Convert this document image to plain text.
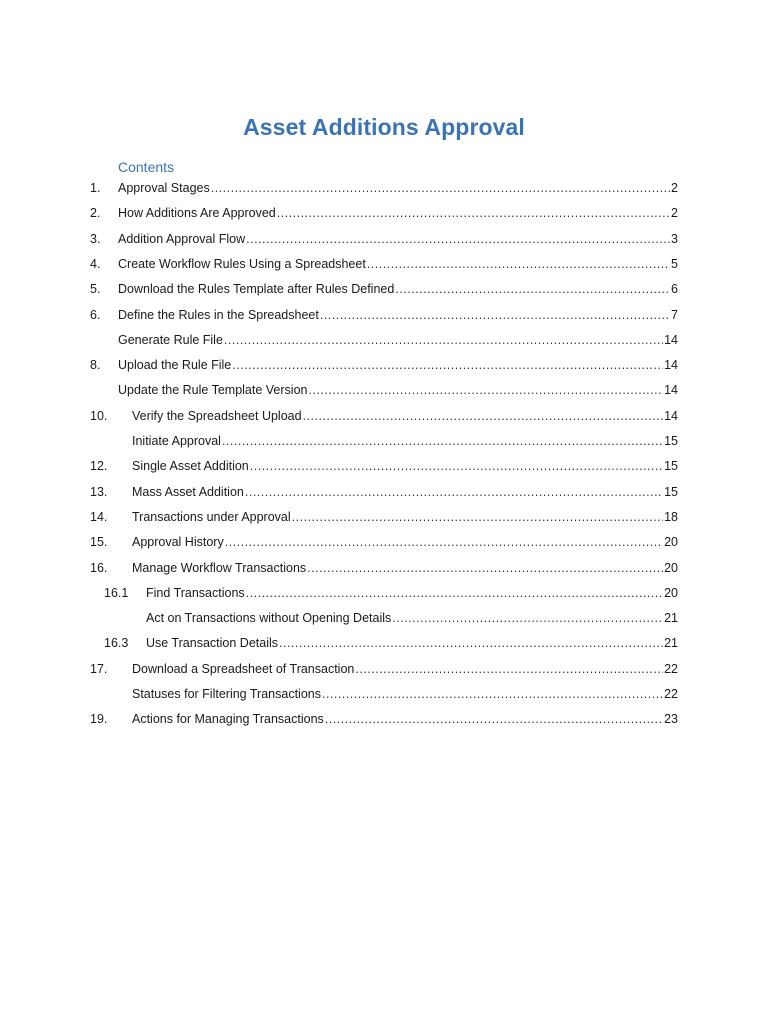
Asset Additions Approval
Contents
1. Approval Stages .....	2
2. How Additions Are Approved .....	2
3. Addition Approval Flow .....	3
4. Create Workflow Rules Using a Spreadsheet .....	5
5. Download the Rules Template after Rules Defined .....	6
6. Define the Rules in the Spreadsheet .....	7
Generate Rule File .....	14
8. Upload the Rule File .....	14
Update the Rule Template Version .....	14
10. Verify the Spreadsheet Upload .....	14
Initiate Approval .....	15
12. Single Asset Addition .....	15
13. Mass Asset Addition .....	15
14. Transactions under Approval .....	18
15. Approval History .....	20
16. Manage Workflow Transactions .....	20
16.1 Find Transactions .....	20
Act on Transactions without Opening Details .....	21
16.3 Use Transaction Details .....	21
17. Download a Spreadsheet of Transaction .....	22
Statuses for Filtering Transactions .....	22
19. Actions for Managing Transactions .....	23
